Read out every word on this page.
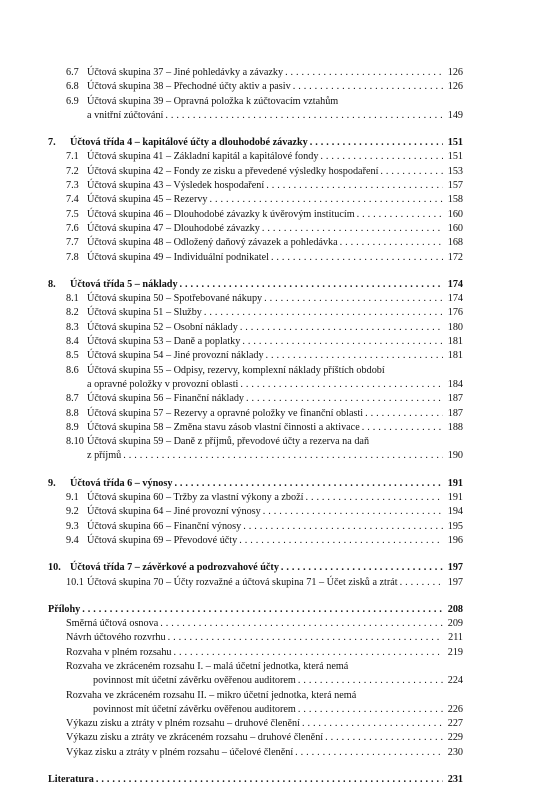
6.7 Účtová skupina 37 – Jiné pohledávky a závazky . . .	126
6.8 Účtová skupina 38 – Přechodné účty aktiv a pasiv . . .	126
6.9 Účtová skupina 39 – Opravná položka k zúčtovacím vztahům
a vnitřní zúčtování . . .	149
7.	Účtová třída 4 – kapitálové účty a dlouhodobé závazky . . .	151
7.1 Účtová skupina 41 – Základní kapitál a kapitálové fondy . . .	151
7.2 Účtová skupina 42 – Fondy ze zisku a převedené výsledky hospodaření . . .	153
7.3 Účtová skupina 43 – Výsledek hospodaření . . .	157
7.4 Účtová skupina 45 – Rezervy . . .	158
7.5 Účtová skupina 46 – Dlouhodobé závazky k úvěrovým institucím . . .	160
7.6 Účtová skupina 47 – Dlouhodobé závazky . . .	160
7.7 Účtová skupina 48 – Odložený daňový závazek a pohledávka . . .	168
7.8 Účtová skupina 49 – Individuální podnikatel . . .	172
8.	Účtová třída 5 – náklady . . .	174
8.1 Účtová skupina 50 – Spotřebované nákupy . . .	174
8.2 Účtová skupina 51 – Služby . . .	176
8.3 Účtová skupina 52 – Osobní náklady . . .	180
8.4 Účtová skupina 53 – Daně a poplatky . . .	181
8.5 Účtová skupina 54 – Jiné provozní náklady . . .	181
8.6 Účtová skupina 55 – Odpisy, rezervy, komplexní náklady příštích období
a opravné položky v provozní oblasti . . .	184
8.7 Účtová skupina 56 – Finanční náklady . . .	187
8.8 Účtová skupina 57 – Rezervy a opravné položky ve finanční oblasti . . .	187
8.9 Účtová skupina 58 – Změna stavu zásob vlastní činnosti a aktivace . . .	188
8.10 Účtová skupina 59 – Daně z příjmů, převodové účty a rezerva na daň
z příjmů . . .	190
9.	Účtová třída 6 – výnosy . . .	191
9.1 Účtová skupina 60 – Tržby za vlastní výkony a zboží . . .	191
9.2 Účtová skupina 64 – Jiné provozní výnosy . . .	194
9.3 Účtová skupina 66 – Finanční výnosy . . .	195
9.4 Účtová skupina 69 – Převodové účty . . .	196
10. Účtová třída 7 – závěrkové a podrozvahové účty . . .	197
10.1 Účtová skupina 70 – Účty rozvažné a účtová skupina 71 – Účet zisků a ztrát . . .	197
Přílohy . . .	208
Směrná účtová osnova . . .	209
Návrh účtového rozvrhu . . .	211
Rozvaha v plném rozsahu . . .	219
Rozvaha ve zkráceném rozsahu I. – malá účetní jednotka, která nemá
povinnost mít účetní závěrku ověřenou auditorem . . .	224
Rozvaha ve zkráceném rozsahu II. – mikro účetní jednotka, která nemá
povinnost mít účetní závěrku ověřenou auditorem . . .	226
Výkazu zisku a ztráty v plném rozsahu – druhové členění . . .	227
Výkazu zisku a ztráty ve zkráceném rozsahu – druhové členění . . .	229
Výkaz zisku a ztráty v plném rozsahu – účelové členění . . .	230
Literatura . . .	231
